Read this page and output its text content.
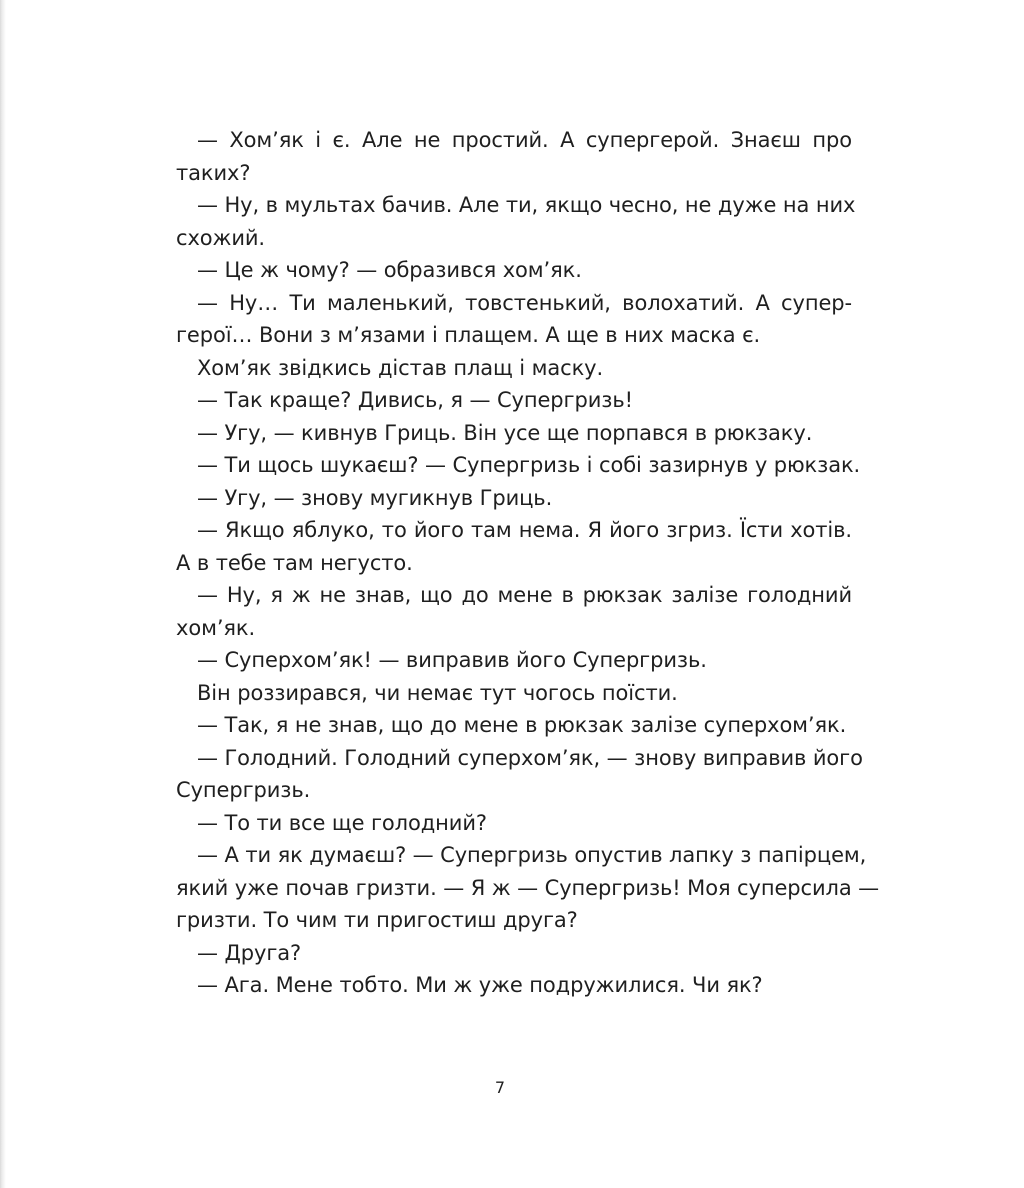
— Хом’як і є. Але не простий. А супергерой. Знаєш про
таких?
— Ну, в мультах бачив. Але ти, якщо чесно, не дуже на них
схожий.
— Це ж чому? — образився хом’як.
— Ну… Ти маленький, товстенький, волохатий. А супер-
герої… Вони з м’язами і плащем. А ще в них маска є.
Хом’як звідкись дістав плащ і маску.
— Так краще? Дивись, я — Супергризь!
— Угу, — кивнув Гриць. Він усе ще порпався в рюкзаку.
— Ти щось шукаєш? — Супергризь і собі зазирнув у рюкзак.
— Угу, — знову мугикнув Гриць.
— Якщо яблуко, то його там нема. Я його згриз. Їсти хотів.
А в тебе там негусто.
— Ну, я ж не знав, що до мене в рюкзак залізе голодний
хом’як.
— Суперхом’як! — виправив його Супергризь.
Він роззирався, чи немає тут чогось поїсти.
— Так, я не знав, що до мене в рюкзак залізе суперхом’як.
— Голодний. Голодний суперхом’як, — знову виправив його
Супергризь.
— То ти все ще голодний?
— А ти як думаєш? — Супергризь опустив лапку з папірцем,
який уже почав гризти. — Я ж — Супергризь! Моя суперсила —
гризти. То чим ти пригостиш друга?
— Друга?
— Ага. Мене тобто. Ми ж уже подружилися. Чи як?
7
